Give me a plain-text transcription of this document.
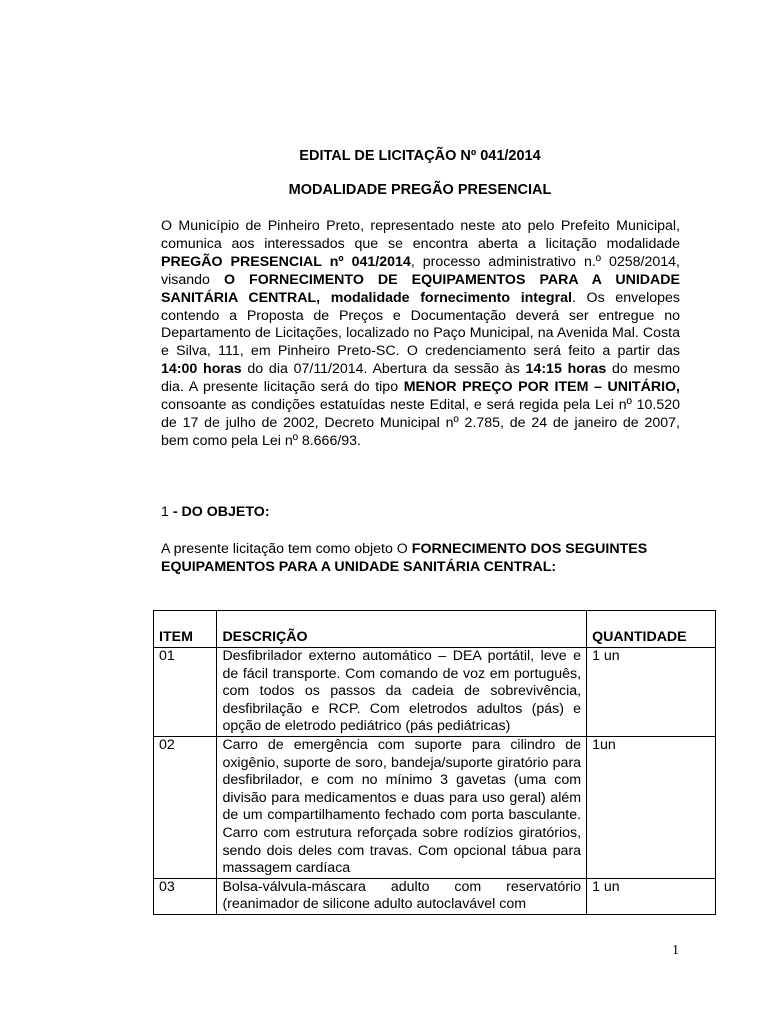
EDITAL DE LICITAÇÃO Nº 041/2014
MODALIDADE PREGÃO PRESENCIAL
O Município de Pinheiro Preto, representado neste ato pelo Prefeito Municipal, comunica aos interessados que se encontra aberta a licitação modalidade PREGÃO PRESENCIAL nº 041/2014, processo administrativo n.º 0258/2014, visando O FORNECIMENTO DE EQUIPAMENTOS PARA A UNIDADE SANITÁRIA CENTRAL, modalidade fornecimento integral. Os envelopes contendo a Proposta de Preços e Documentação deverá ser entregue no Departamento de Licitações, localizado no Paço Municipal, na Avenida Mal. Costa e Silva, 111, em Pinheiro Preto-SC. O credenciamento será feito a partir das 14:00 horas do dia 07/11/2014. Abertura da sessão às 14:15 horas do mesmo dia. A presente licitação será do tipo MENOR PREÇO POR ITEM – UNITÁRIO, consoante as condições estatuídas neste Edital, e será regida pela Lei nº 10.520 de 17 de julho de 2002, Decreto Municipal nº 2.785, de 24 de janeiro de 2007, bem como pela Lei nº 8.666/93.
1 - DO OBJETO:
A presente licitação tem como objeto O FORNECIMENTO DOS SEGUINTES EQUIPAMENTOS PARA A UNIDADE SANITÁRIA CENTRAL:
ITEM	DESCRIÇÃO	QUANTIDADE
01	Desfibrilador externo automático – DEA portátil, leve e de fácil transporte. Com comando de voz em português, com todos os passos da cadeia de sobrevivência, desfibrilação e RCP. Com eletrodos adultos (pás) e opção de eletrodo pediátrico (pás pediátricas)	1 un
02	Carro de emergência com suporte para cilindro de oxigênio, suporte de soro, bandeja/suporte giratório para desfibrilador, e com no mínimo 3 gavetas (uma com divisão para medicamentos e duas para uso geral) além de um compartilhamento fechado com porta basculante. Carro com estrutura reforçada sobre rodízios giratórios, sendo dois deles com travas. Com opcional tábua para massagem cardíaca	1un
03	Bolsa-válvula-máscara adulto com reservatório (reanimador de silicone adulto autoclavável com	1 un
1
